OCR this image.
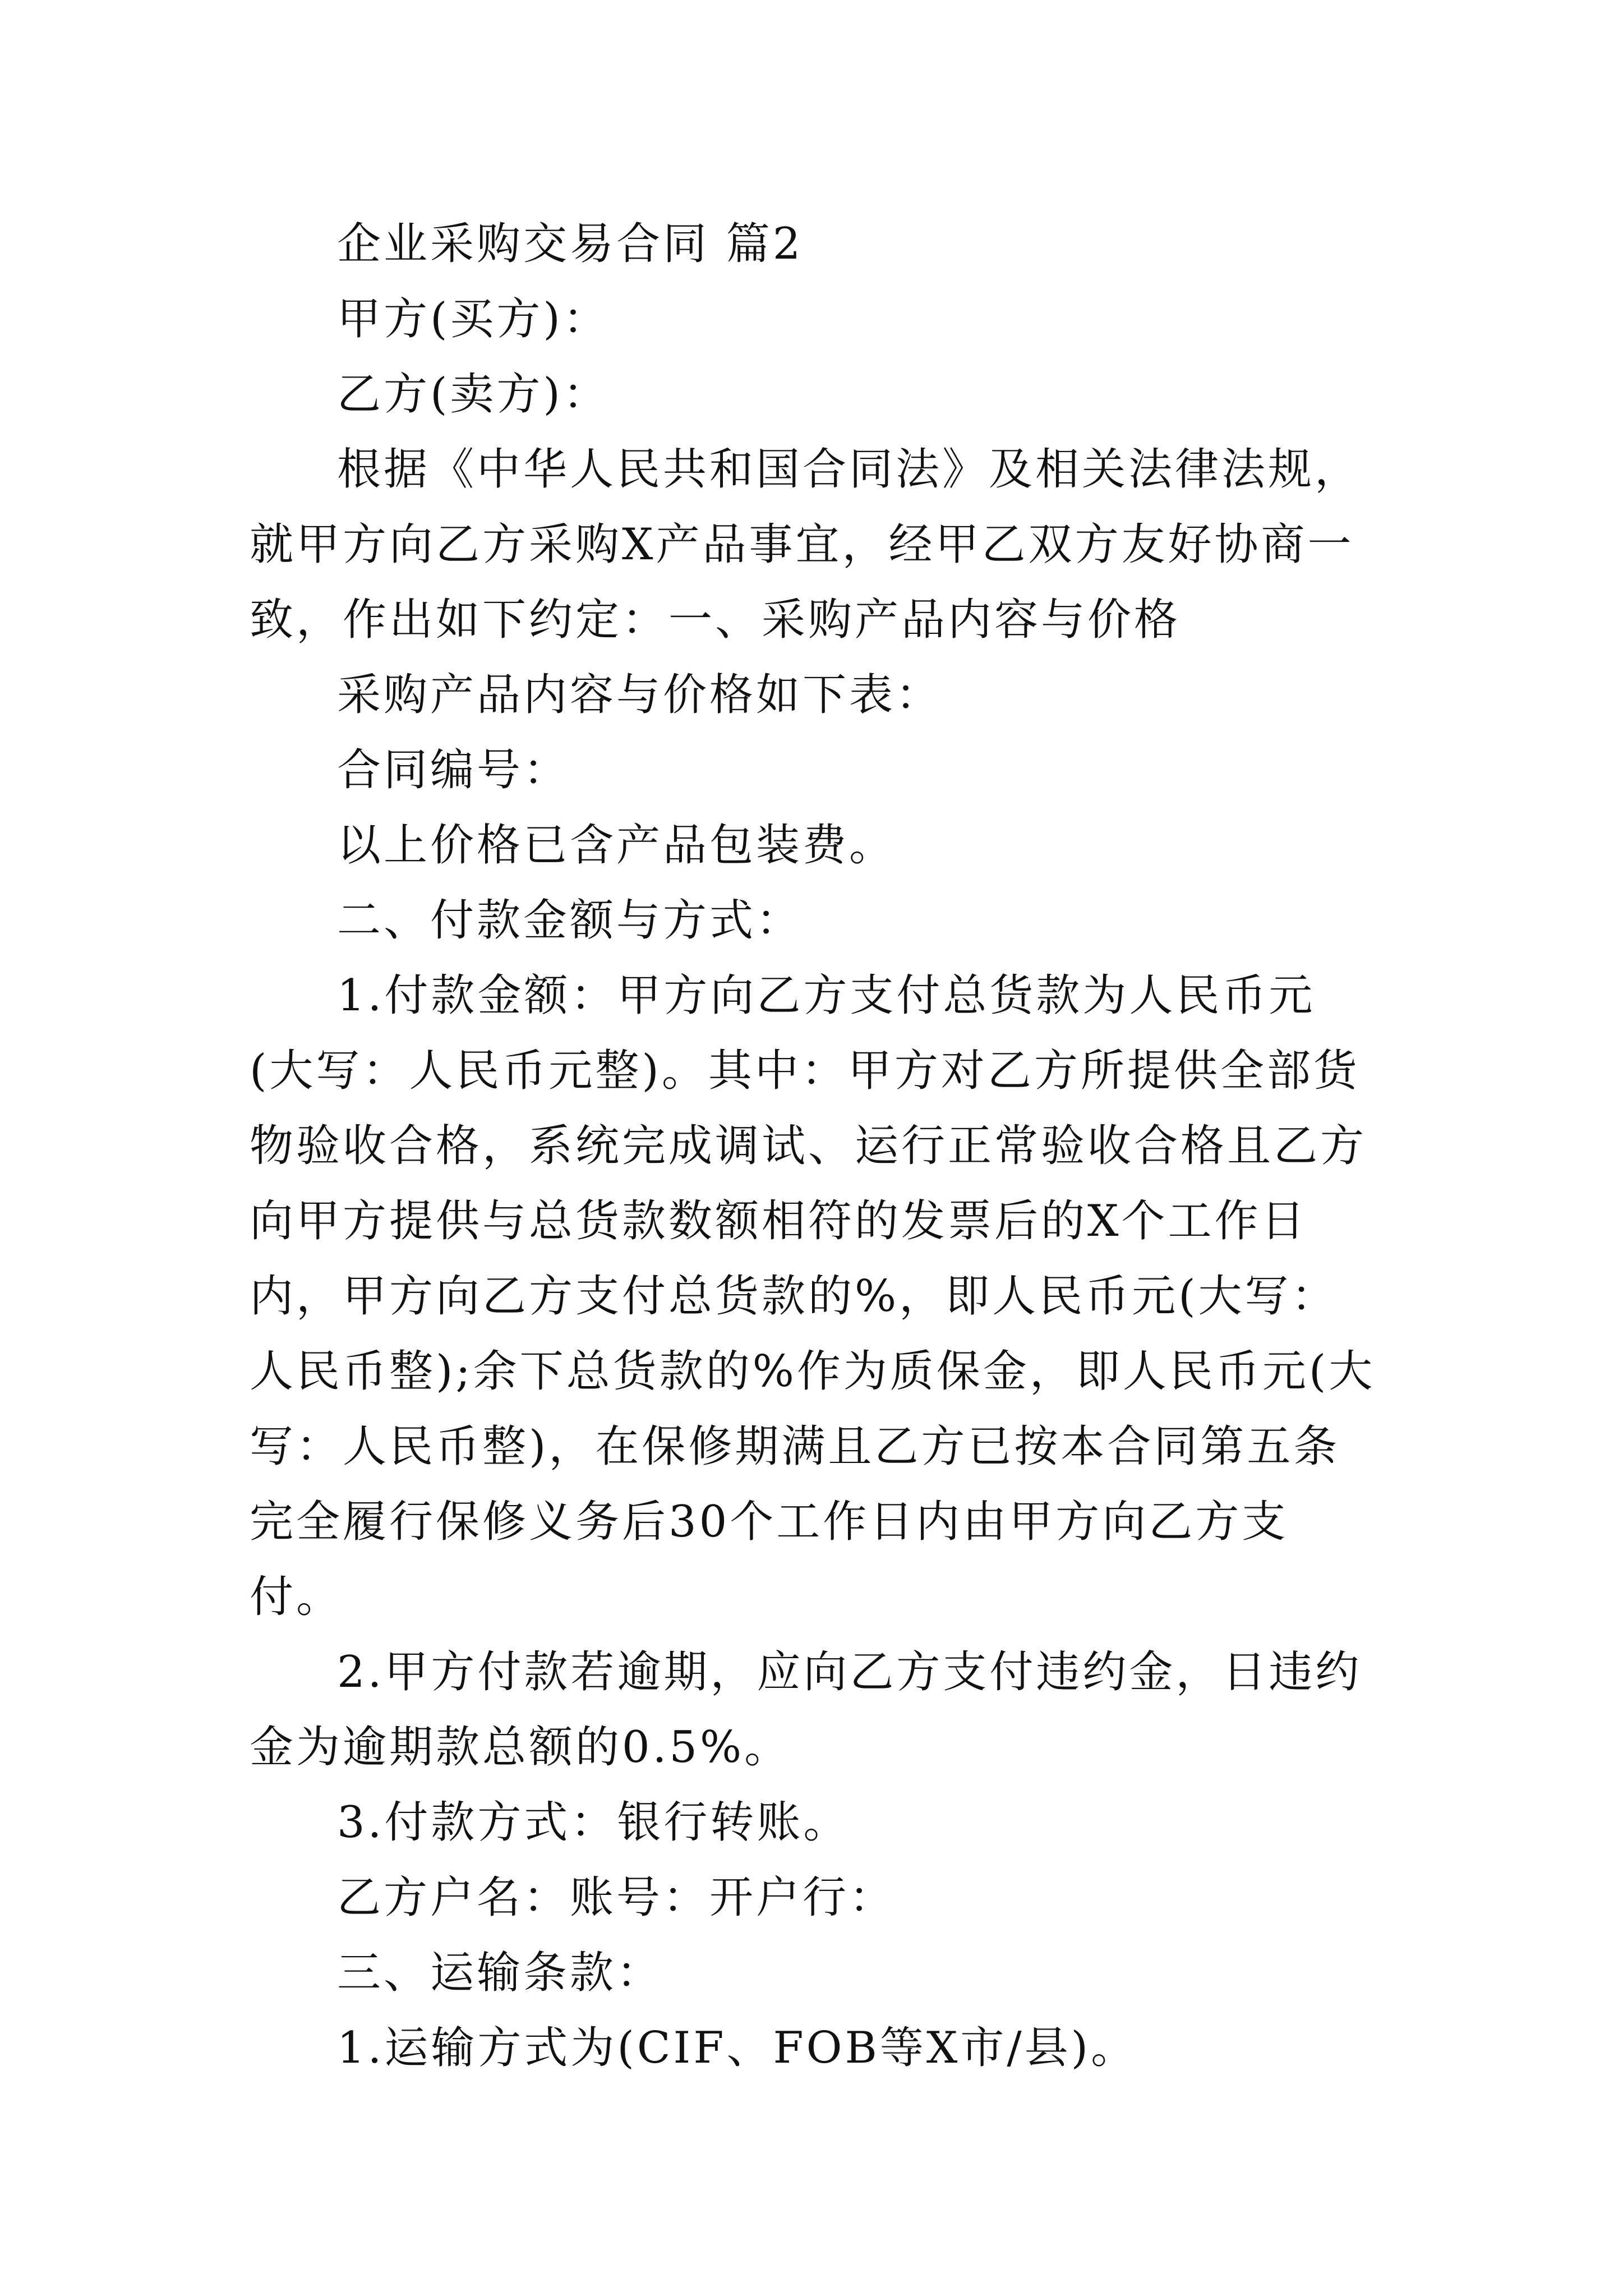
企业采购交易合同 篇2

甲方(买方)：

乙方(卖方)：

根据《中华人民共和国合同法》及相关法律法规，就甲方向乙方采购X产品事宜，经甲乙双方友好协商一致，作出如下约定：一、采购产品内容与价格

采购产品内容与价格如下表：

合同编号：

以上价格已含产品包装费。

二、付款金额与方式：

1.付款金额：甲方向乙方支付总货款为人民币元(大写：人民币元整)。其中：甲方对乙方所提供全部货物验收合格，系统完成调试、运行正常验收合格且乙方向甲方提供与总货款数额相符的发票后的X个工作日内，甲方向乙方支付总货款的%，即人民币元(大写：人民币整);余下总货款的%作为质保金，即人民币元(大写：人民币整)，在保修期满且乙方已按本合同第五条完全履行保修义务后30个工作日内由甲方向乙方支付。

2.甲方付款若逾期，应向乙方支付违约金，日违约金为逾期款总额的0.5%。

3.付款方式：银行转账。

乙方户名：账号：开户行：

三、运输条款：

1.运输方式为(CIF、FOB等X市/县)。
